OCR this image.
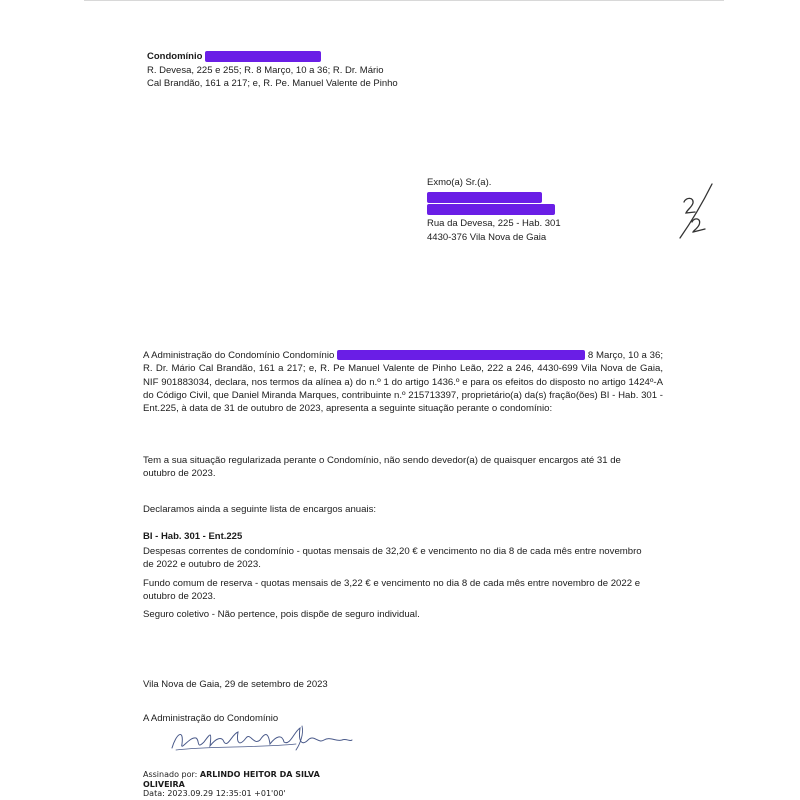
Condomínio
R. Devesa, 225 e 255; R. 8 Março, 10 a 36; R. Dr. Mário
Cal Brandão, 161 a 217; e, R. Pe. Manuel Valente de Pinho
Exmo(a) Sr.(a).
Rua da Devesa, 225 - Hab. 301
4430-376 Vila Nova de Gaia
A Administração do Condomínio Condomínio	8 Março, 10 a 36; R. Dr. Mário Cal Brandão, 161 a 217; e, R. Pe Manuel Valente de Pinho Leão, 222 a 246, 4430-699 Vila Nova de Gaia, NIF 901883034, declara, nos termos da alínea a) do n.º 1 do artigo 1436.º e para os efeitos do disposto no artigo 1424º-A do Código Civil, que Daniel Miranda Marques, contribuinte n.º 215713397, proprietário(a) da(s) fração(ões) BI - Hab. 301 - Ent.225, à data de 31 de outubro de 2023, apresenta a seguinte situação perante o condomínio:
Tem a sua situação regularizada perante o Condomínio, não sendo devedor(a) de quaisquer encargos até 31 de outubro de 2023.
Declaramos ainda a seguinte lista de encargos anuais:
BI - Hab. 301 - Ent.225
Despesas correntes de condomínio - quotas mensais de 32,20 € e vencimento no dia 8 de cada mês entre novembro de 2022 e outubro de 2023.
Fundo comum de reserva - quotas mensais de 3,22 € e vencimento no dia 8 de cada mês entre novembro de 2022 e outubro de 2023.
Seguro coletivo - Não pertence, pois dispõe de seguro individual.
Vila Nova de Gaia, 29 de setembro de 2023
A Administração do Condomínio
Assinado por: ARLINDO HEITOR DA SILVA
OLIVEIRA
Data: 2023.09.29 12:35:01 +01'00'
